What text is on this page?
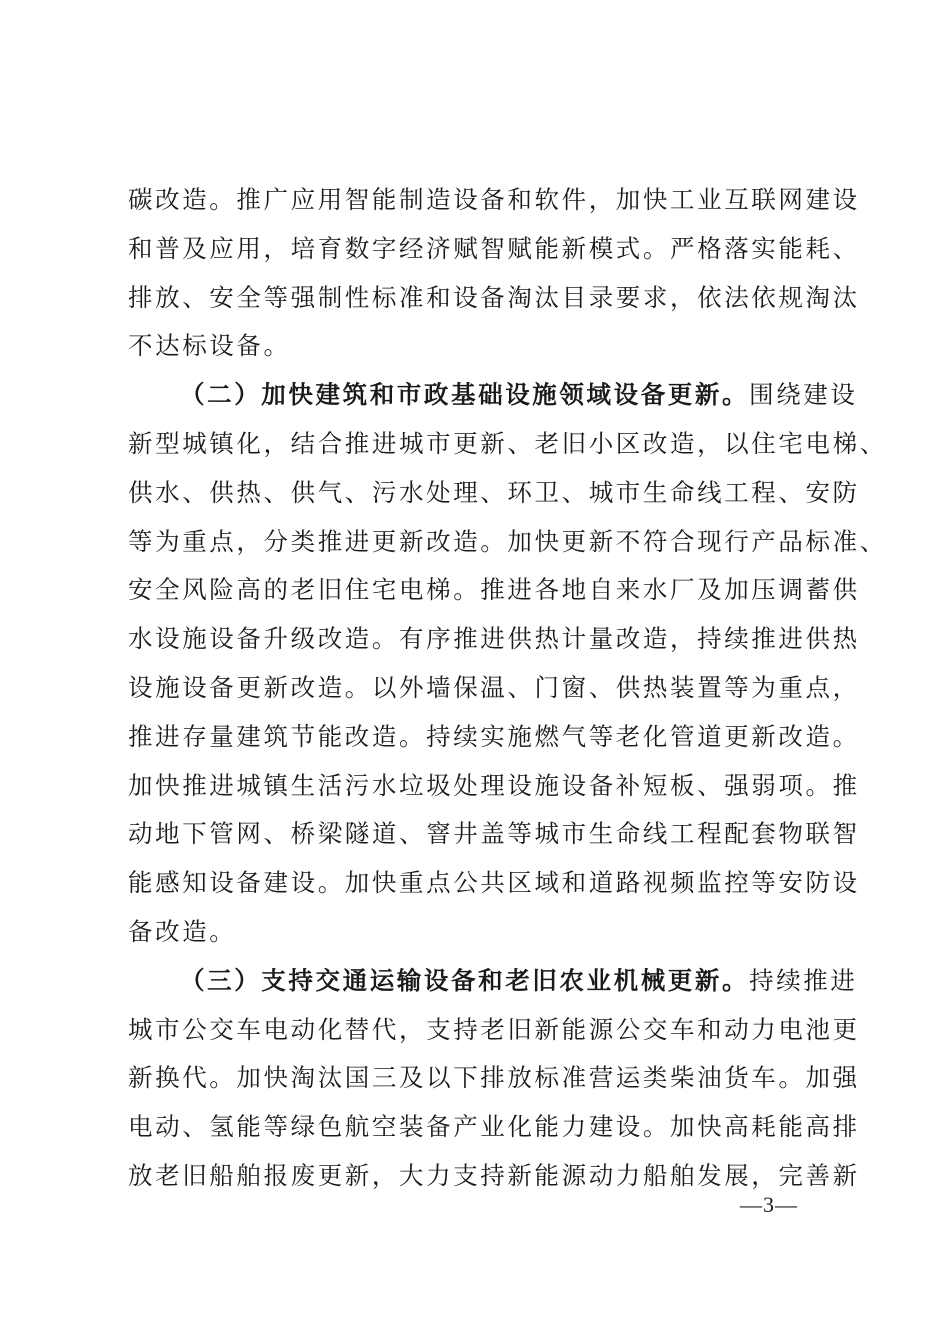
碳改造。推广应用智能制造设备和软件，加快工业互联网建设
和普及应用，培育数字经济赋智赋能新模式。严格落实能耗、
排放、安全等强制性标准和设备淘汰目录要求，依法依规淘汰
不达标设备。
（二）加快建筑和市政基础设施领域设备更新。围绕建设
新型城镇化，结合推进城市更新、老旧小区改造，以住宅电梯、
供水、供热、供气、污水处理、环卫、城市生命线工程、安防
等为重点，分类推进更新改造。加快更新不符合现行产品标准、
安全风险高的老旧住宅电梯。推进各地自来水厂及加压调蓄供
水设施设备升级改造。有序推进供热计量改造，持续推进供热
设施设备更新改造。以外墙保温、门窗、供热装置等为重点，
推进存量建筑节能改造。持续实施燃气等老化管道更新改造。
加快推进城镇生活污水垃圾处理设施设备补短板、强弱项。推
动地下管网、桥梁隧道、窨井盖等城市生命线工程配套物联智
能感知设备建设。加快重点公共区域和道路视频监控等安防设
备改造。
（三）支持交通运输设备和老旧农业机械更新。持续推进
城市公交车电动化替代，支持老旧新能源公交车和动力电池更
新换代。加快淘汰国三及以下排放标准营运类柴油货车。加强
电动、氢能等绿色航空装备产业化能力建设。加快高耗能高排
放老旧船舶报废更新，大力支持新能源动力船舶发展，完善新
—3—
